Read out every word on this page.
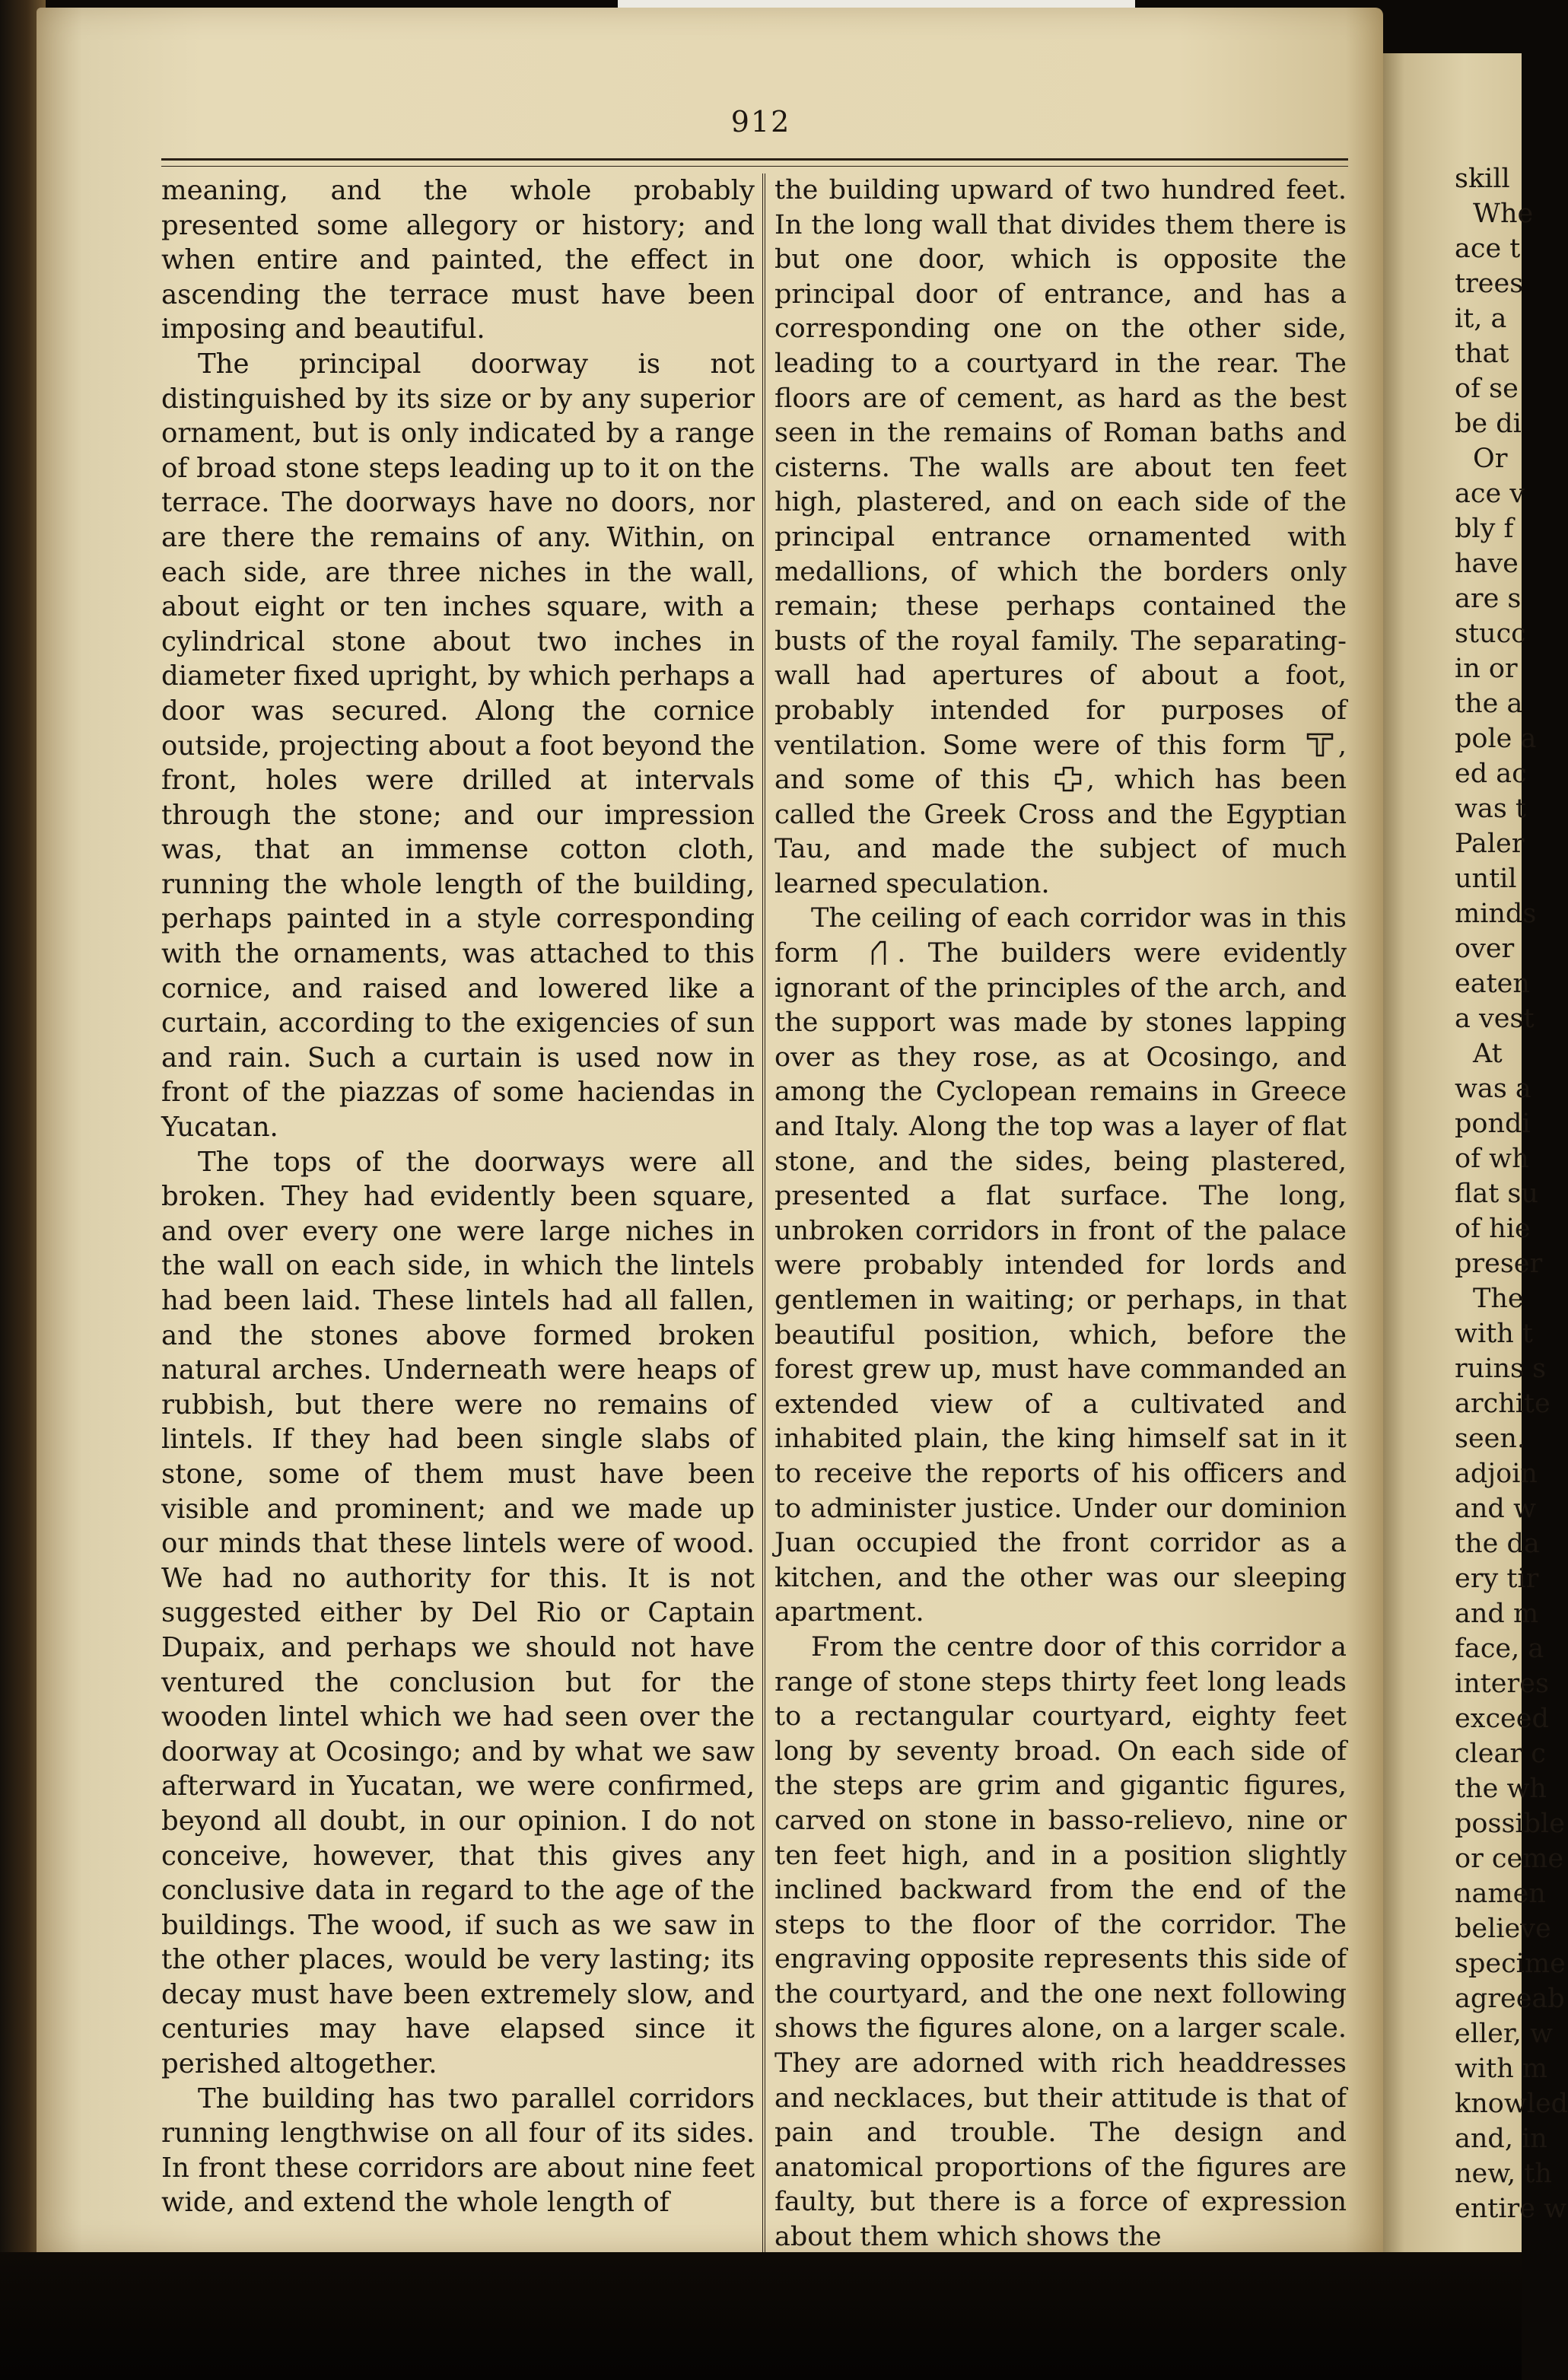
912

meaning, and the whole probably presented some allegory or history; and when entire and painted, the effect in ascending the terrace must have been imposing and beautiful.

The principal doorway is not distinguished by its size or by any superior ornament, but is only indicated by a range of broad stone steps leading up to it on the terrace. The doorways have no doors, nor are there the remains of any. Within, on each side, are three niches in the wall, about eight or ten inches square, with a cylindrical stone about two inches in diameter fixed upright, by which perhaps a door was secured. Along the cornice outside, projecting about a foot beyond the front, holes were drilled at intervals through the stone; and our impression was, that an immense cotton cloth, running the whole length of the building, perhaps painted in a style corresponding with the ornaments, was attached to this cornice, and raised and lowered like a curtain, according to the exigencies of sun and rain. Such a curtain is used now in front of the piazzas of some haciendas in Yucatan.

The tops of the doorways were all broken. They had evidently been square, and over every one were large niches in the wall on each side, in which the lintels had been laid. These lintels had all fallen, and the stones above formed broken natural arches. Underneath were heaps of rubbish, but there were no remains of lintels. If they had been single slabs of stone, some of them must have been visible and prominent; and we made up our minds that these lintels were of wood. We had no authority for this. It is not suggested either by Del Rio or Captain Dupaix, and perhaps we should not have ventured the conclusion but for the wooden lintel which we had seen over the doorway at Ocosingo; and by what we saw afterward in Yucatan, we were confirmed, beyond all doubt, in our opinion. I do not conceive, however, that this gives any conclusive data in regard to the age of the buildings. The wood, if such as we saw in the other places, would be very lasting; its decay must have been extremely slow, and centuries may have elapsed since it perished altogether.

The building has two parallel corridors running lengthwise on all four of its sides. In front these corridors are about nine feet wide, and extend the whole length of

the building upward of two hundred feet. In the long wall that divides them there is but one door, which is opposite the principal door of entrance, and has a corresponding one on the other side, leading to a courtyard in the rear. The floors are of cement, as hard as the best seen in the remains of Roman baths and cisterns. The walls are about ten feet high, plastered, and on each side of the principal entrance ornamented with medallions, of which the borders only remain; these perhaps contained the busts of the royal family. The separating-wall had apertures of about a foot, probably intended for purposes of ventilation. Some were of this form , and some of this , which has been called the Greek Cross and the Egyptian Tau, and made the subject of much learned speculation.

The ceiling of each corridor was in this form . The builders were evidently ignorant of the principles of the arch, and the support was made by stones lapping over as they rose, as at Ocosingo, and among the Cyclopean remains in Greece and Italy. Along the top was a layer of flat stone, and the sides, being plastered, presented a flat surface. The long, unbroken corridors in front of the palace were probably intended for lords and gentlemen in waiting; or perhaps, in that beautiful position, which, before the forest grew up, must have commanded an extended view of a cultivated and inhabited plain, the king himself sat in it to receive the reports of his officers and to administer justice. Under our dominion Juan occupied the front corridor as a kitchen, and the other was our sleeping apartment.

From the centre door of this corridor a range of stone steps thirty feet long leads to a rectangular courtyard, eighty feet long by seventy broad. On each side of the steps are grim and gigantic figures, carved on stone in basso-relievo, nine or ten feet high, and in a position slightly inclined backward from the end of the steps to the floor of the corridor. The engraving opposite represents this side of the courtyard, and the one next following shows the figures alone, on a larger scale. They are adorned with rich headdresses and necklaces, but their attitude is that of pain and trouble. The design and anatomical proportions of the figures are faulty, but there is a force of expression about them which shows the

skill
Whe
ace t
trees
it, a
that
of se
be di
Or
ace v
bly f
have
are s
stucc
in or
the a
pole a
ed ac
was t
Paler
until
minds
over
eaten
a vest
At
was a
pondi
of wh
flat su
of hie
preser
The
with t
ruins s
archite
seen.
adjoin
and w
the da
ery tir
and m
face, a
interes
exceed
clear c
the wh
possible
or ceme
namen
believe
specime
agreeab
eller, w
with m
knowled
and, in
new, th
entire w
